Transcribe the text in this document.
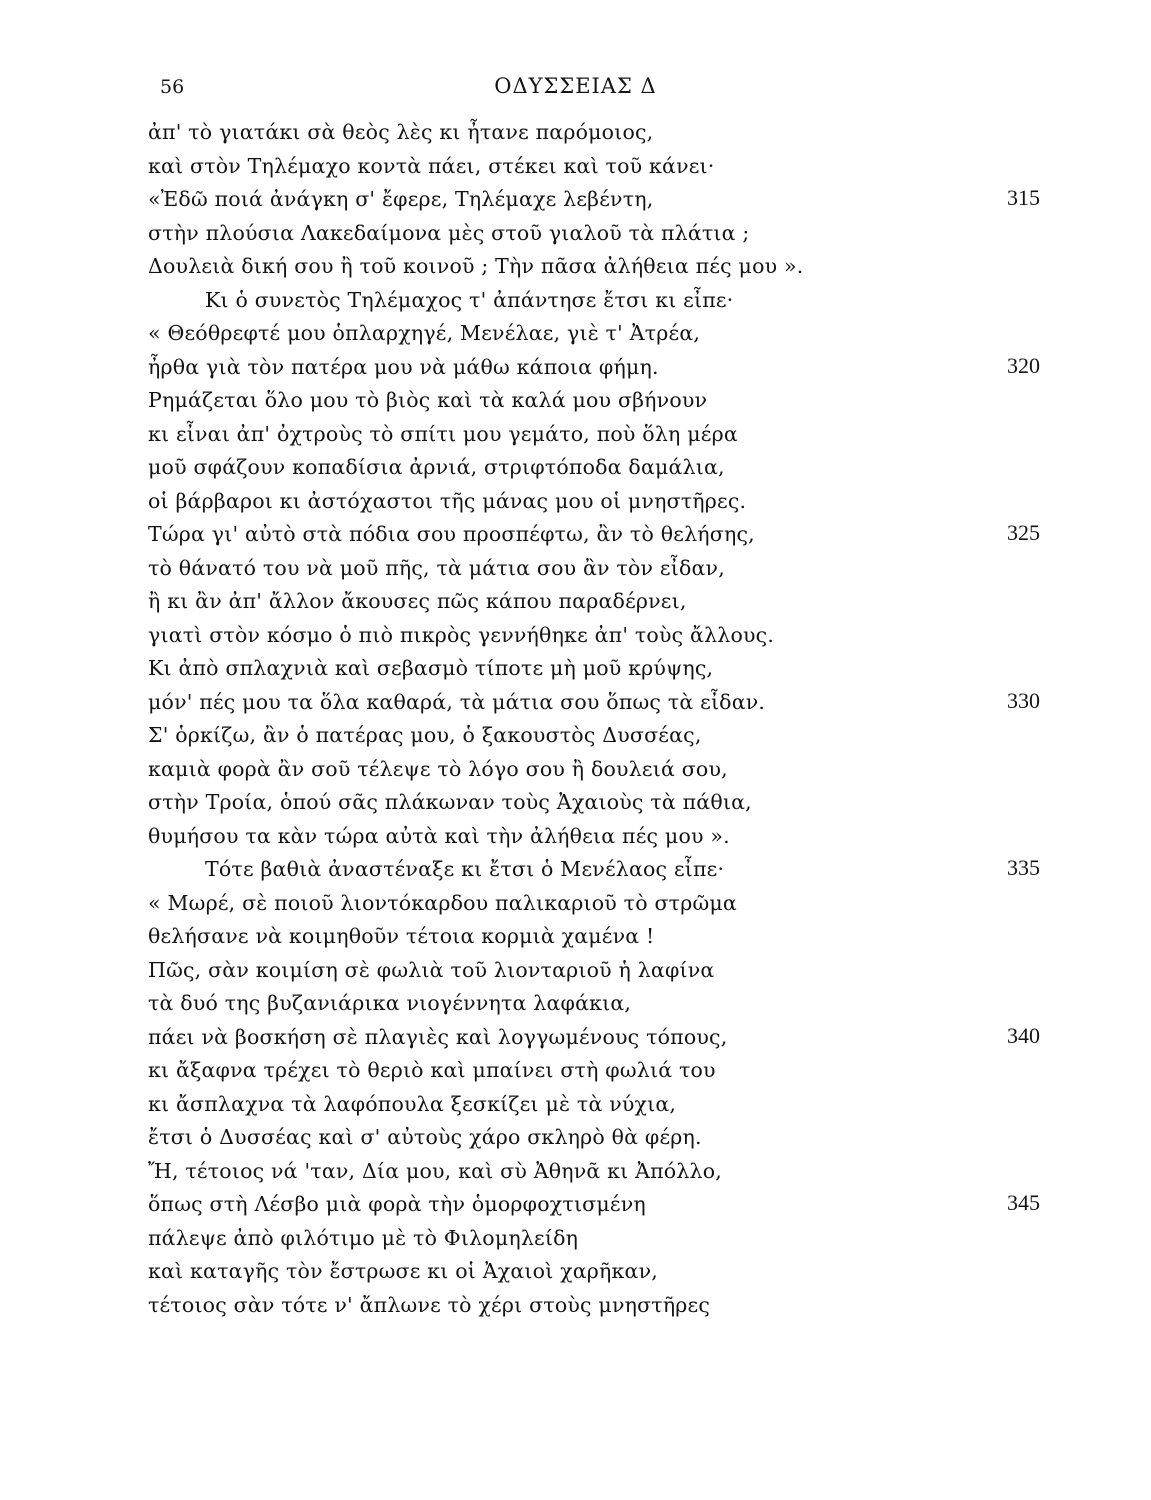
56	ΟΔΥΣΣΕΙΑΣ Δ
ἀπ' τὸ γιατάκι σὰ θεὸς λὲς κι ἦτανε παρόμοιος,
καὶ στὸν Τηλέμαχο κοντὰ πάει, στέκει καὶ τοῦ κάνει·
«Ἐδῶ ποιά ἀνάγκη σ' ἔφερε, Τηλέμαχε λεβέντη,	315
στὴν πλούσια Λακεδαίμονα μὲς στοῦ γιαλοῦ τὰ πλάτια ;
Δουλειὰ δική σου ἢ τοῦ κοινοῦ ; Τὴν πᾶσα ἀλήθεια πές μου ».
Κι ὁ συνετὸς Τηλέμαχος τ' ἀπάντησε ἔτσι κι εἶπε·
« Θεόθρεφτέ μου ὁπλαρχηγέ, Μενέλαε, γιὲ τ' Ἀτρέα,
ἦρθα γιὰ τὸν πατέρα μου νὰ μάθω κάποια φήμη.	320
Ρημάζεται ὅλο μου τὸ βιὸς καὶ τὰ καλά μου σβήνουν
κι εἶναι ἀπ' ὀχτροὺς τὸ σπίτι μου γεμάτο, ποὺ ὅλη μέρα
μοῦ σφάζουν κοπαδίσια ἀρνιά, στριφτόποδα δαμάλια,
οἱ βάρβαροι κι ἀστόχαστοι τῆς μάνας μου οἱ μνηστῆρες.
Τώρα γι' αὐτὸ στὰ πόδια σου προσπέφτω, ἂν τὸ θελήσης,	325
τὸ θάνατό του νὰ μοῦ πῆς, τὰ μάτια σου ἂν τὸν εἶδαν,
ἢ κι ἂν ἀπ' ἄλλον ἄκουσες πῶς κάπου παραδέρνει,
γιατὶ στὸν κόσμο ὁ πιὸ πικρὸς γεννήθηκε ἀπ' τοὺς ἄλλους.
Κι ἀπὸ σπλαχνιὰ καὶ σεβασμὸ τίποτε μὴ μοῦ κρύψης,
μόν' πές μου τα ὅλα καθαρά, τὰ μάτια σου ὅπως τὰ εἶδαν.	330
Σ' ὁρκίζω, ἂν ὁ πατέρας μου, ὁ ξακουστὸς Δυσσέας,
καμιὰ φορὰ ἂν σοῦ τέλεψε τὸ λόγο σου ἢ δουλειά σου,
στὴν Τροία, ὁπού σᾶς πλάκωναν τοὺς Ἀχαιοὺς τὰ πάθια,
θυμήσου τα κὰν τώρα αὐτὰ καὶ τὴν ἀλήθεια πές μου ».
Τότε βαθιὰ ἀναστέναξε κι ἔτσι ὁ Μενέλαος εἶπε·	335
« Μωρέ, σὲ ποιοῦ λιοντόκαρδου παλικαριοῦ τὸ στρῶμα
θελήσανε νὰ κοιμηθοῦν τέτοια κορμιὰ χαμένα !
Πῶς, σὰν κοιμίση σὲ φωλιὰ τοῦ λιονταριοῦ ἡ λαφίνα
τὰ δυό της βυζανιάρικα νιογέννητα λαφάκια,
πάει νὰ βοσκήση σὲ πλαγιὲς καὶ λογγωμένους τόπους,	340
κι ἄξαφνα τρέχει τὸ θεριὸ καὶ μπαίνει στὴ φωλιά του
κι ἄσπλαχνα τὰ λαφόπουλα ξεσκίζει μὲ τὰ νύχια,
ἔτσι ὁ Δυσσέας καὶ σ' αὐτοὺς χάρο σκληρὸ θὰ φέρη.
Ἤ, τέτοιος νά 'ταν, Δία μου, καὶ σὺ Ἀθηνᾶ κι Ἀπόλλο,
ὅπως στὴ Λέσβο μιὰ φορὰ τὴν ὁμορφοχτισμένη	345
πάλεψε ἀπὸ φιλότιμο μὲ τὸ Φιλομηλείδη
καὶ καταγῆς τὸν ἔστρωσε κι οἱ Ἀχαιοὶ χαρῆκαν,
τέτοιος σὰν τότε ν' ἄπλωνε τὸ χέρι στοὺς μνηστῆρες
